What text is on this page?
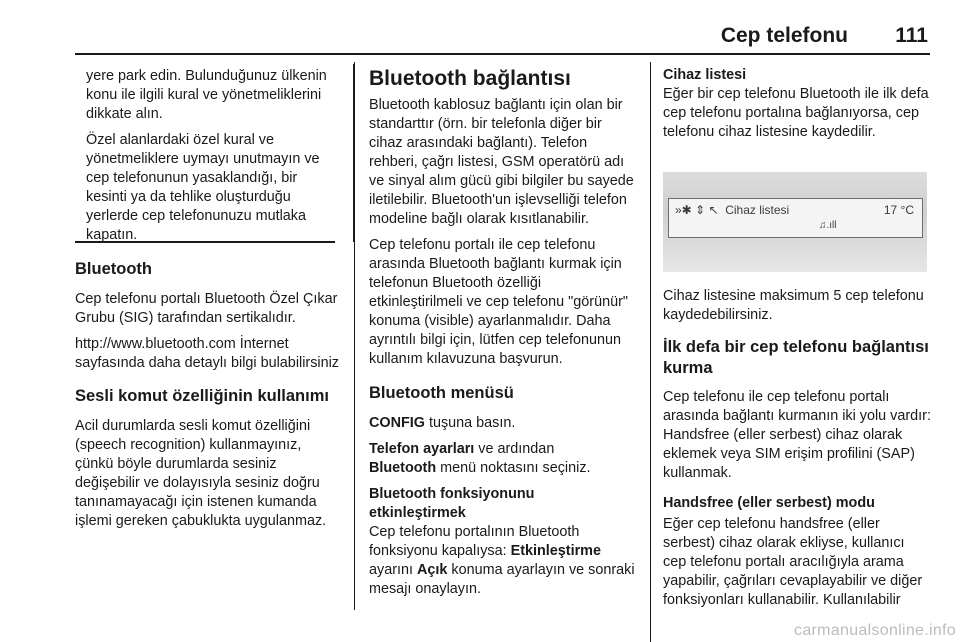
Cep telefonu 111

yere park edin. Bulunduğunuz ülkenin konu ile ilgili kural ve yönetmeliklerini dikkate alın.

Özel alanlardaki özel kural ve yönetmeliklere uymayı unutmayın ve cep telefonunun yasaklandığı, bir kesinti ya da tehlike oluşturduğu yerlerde cep telefonunuzu mutlaka kapatın.

Bluetooth

Cep telefonu portalı Bluetooth Özel Çıkar Grubu (SIG) tarafından sertikalıdır.

http://www.bluetooth.com İnternet sayfasında daha detaylı bilgi bulabilirsiniz

Sesli komut özelliğinin kullanımı

Acil durumlarda sesli komut özelliğini (speech recognition) kullanmayınız, çünkü böyle durumlarda sesiniz değişebilir ve dolayısıyla sesiniz doğru tanınamayacağı için istenen kumanda işlemi gereken çabuklukta uygulanmaz.

Bluetooth bağlantısı

Bluetooth kablosuz bağlantı için olan bir standarttır (örn. bir telefonla diğer bir cihaz arasındaki bağlantı). Telefon rehberi, çağrı listesi, GSM operatörü adı ve sinyal alım gücü gibi bilgiler bu sayede iletilebilir. Bluetooth'un işlevselliği telefon modeline bağlı olarak kısıtlanabilir.

Cep telefonu portalı ile cep telefonu arasında Bluetooth bağlantı kurmak için telefonun Bluetooth özelliği etkinleştirilmeli ve cep telefonu "görünür" konuma (visible) ayarlanmalıdır. Daha ayrıntılı bilgi için, lütfen cep telefonunun kullanım kılavuzuna başvurun.

Bluetooth menüsü

CONFIG tuşuna basın.

Telefon ayarları ve ardından
Bluetooth menü noktasını seçiniz.

Bluetooth fonksiyonunu etkinleştirmek

Cep telefonu portalının Bluetooth fonksiyonu kapalıysa: Etkinleştirme ayarını Açık konuma ayarlayın ve sonraki mesajı onaylayın.

Cihaz listesi

Eğer bir cep telefonu Bluetooth ile ilk defa cep telefonu portalına bağlanıyorsa, cep telefonu cihaz listesine kaydedilir.

»✱ ⇕ ↖ Cihaz listesi	17 °C
♫.ıll

Cihaz listesine maksimum 5 cep telefonu kaydedebilirsiniz.

İlk defa bir cep telefonu bağlantısı kurma

Cep telefonu ile cep telefonu portalı arasında bağlantı kurmanın iki yolu vardır: Handsfree (eller serbest) cihaz olarak eklemek veya SIM erişim profilini (SAP) kullanmak.

Handsfree (eller serbest) modu

Eğer cep telefonu handsfree (eller serbest) cihaz olarak ekliyse, kullanıcı cep telefonu portalı aracılığıyla arama yapabilir, çağrıları cevaplayabilir ve diğer fonksiyonları kullanabilir. Kullanılabilir

carmanualsonline.info
